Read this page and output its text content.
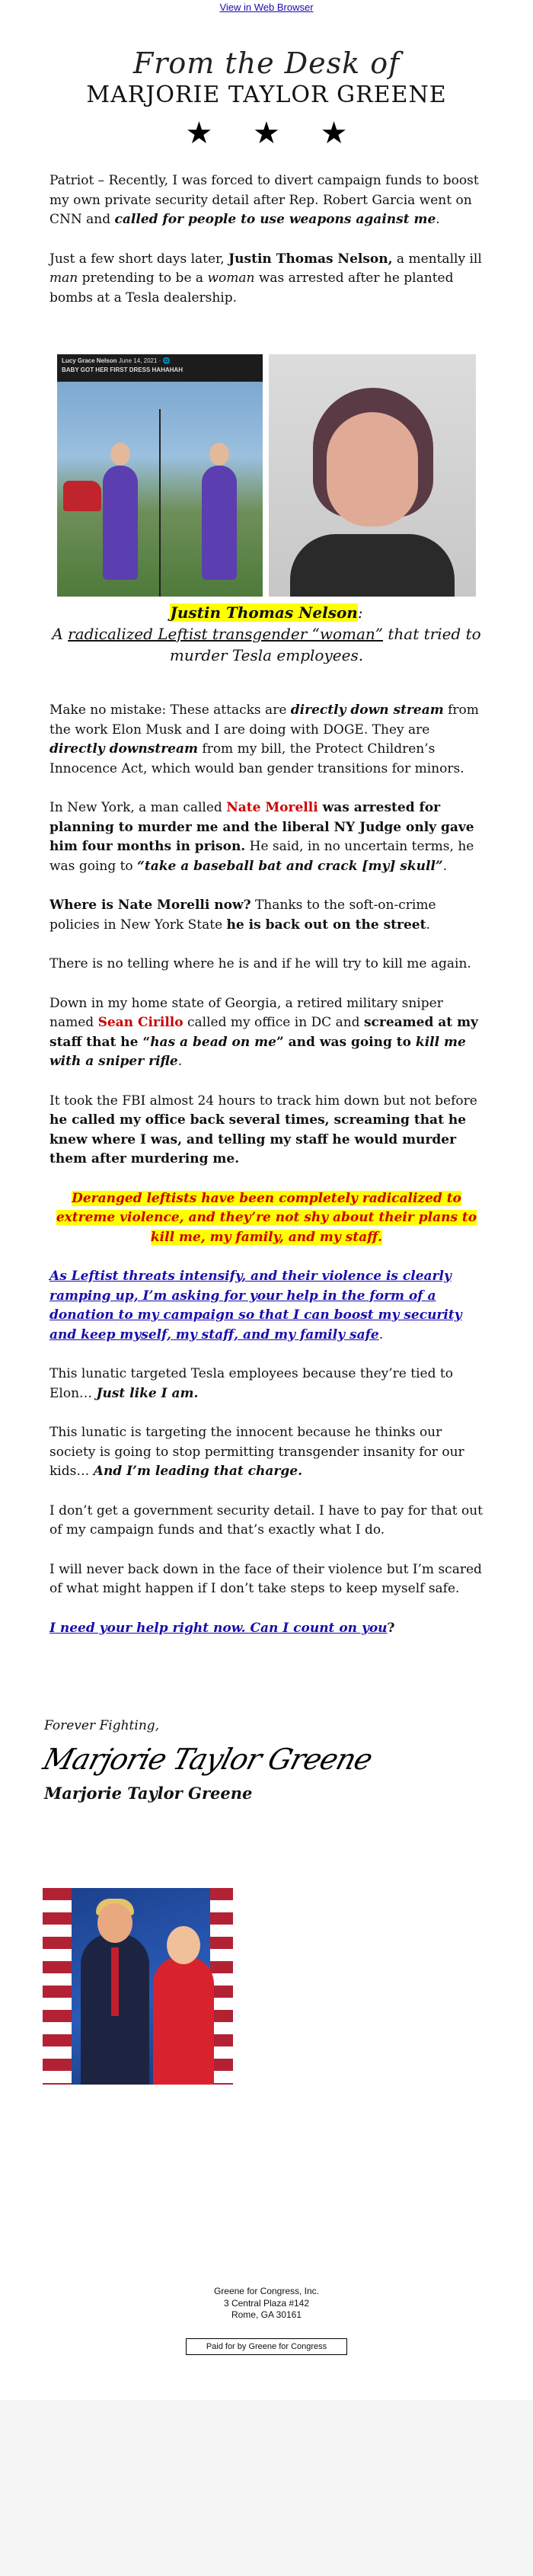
View in Web Browser
From the Desk of
MARJORIE TAYLOR GREENE
★ ★ ★

Patriot – Recently, I was forced to divert campaign funds to boost my own private security detail after Rep. Robert Garcia went on CNN and called for people to use weapons against me.

Just a few short days later, Justin Thomas Nelson, a mentally ill man pretending to be a woman was arrested after he planted bombs at a Tesla dealership.

Lucy Grace Nelson June 14, 2021 · 🌐
BABY GOT HER FIRST DRESS HAHAHAH
Justin Thomas Nelson:
A radicalized Leftist transgender “woman” that tried to
murder Tesla employees.

Make no mistake: These attacks are directly down stream from the work Elon Musk and I are doing with DOGE. They are directly downstream from my bill, the Protect Children’s Innocence Act, which would ban gender transitions for minors.

In New York, a man called Nate Morelli was arrested for planning to murder me and the liberal NY Judge only gave him four months in prison. He said, in no uncertain terms, he was going to “take a baseball bat and crack [my] skull”.

Where is Nate Morelli now? Thanks to the soft-on-crime policies in New York State he is back out on the street.

There is no telling where he is and if he will try to kill me again.

Down in my home state of Georgia, a retired military sniper named Sean Cirillo called my office in DC and screamed at my staff that he “has a bead on me” and was going to kill me with a sniper rifle.

It took the FBI almost 24 hours to track him down but not before he called my office back several times, screaming that he knew where I was, and telling my staff he would murder them after murdering me.

Deranged leftists have been completely radicalized to extreme violence, and they’re not shy about their plans to kill me, my family, and my staff.

As Leftist threats intensify, and their violence is clearly ramping up, I’m asking for your help in the form of a donation to my campaign so that I can boost my security and keep myself, my staff, and my family safe.

This lunatic targeted Tesla employees because they’re tied to Elon… Just like I am.

This lunatic is targeting the innocent because he thinks our society is going to stop permitting transgender insanity for our kids… And I’m leading that charge.

I don’t get a government security detail. I have to pay for that out of my campaign funds and that’s exactly what I do.

I will never back down in the face of their violence but I’m scared of what might happen if I don’t take steps to keep myself safe.

I need your help right now. Can I count on you?

Forever Fighting,
Marjorie Taylor Greene
Marjorie Taylor Greene
Greene for Congress, Inc.
3 Central Plaza #142
Rome, GA 30161
Paid for by Greene for Congress
